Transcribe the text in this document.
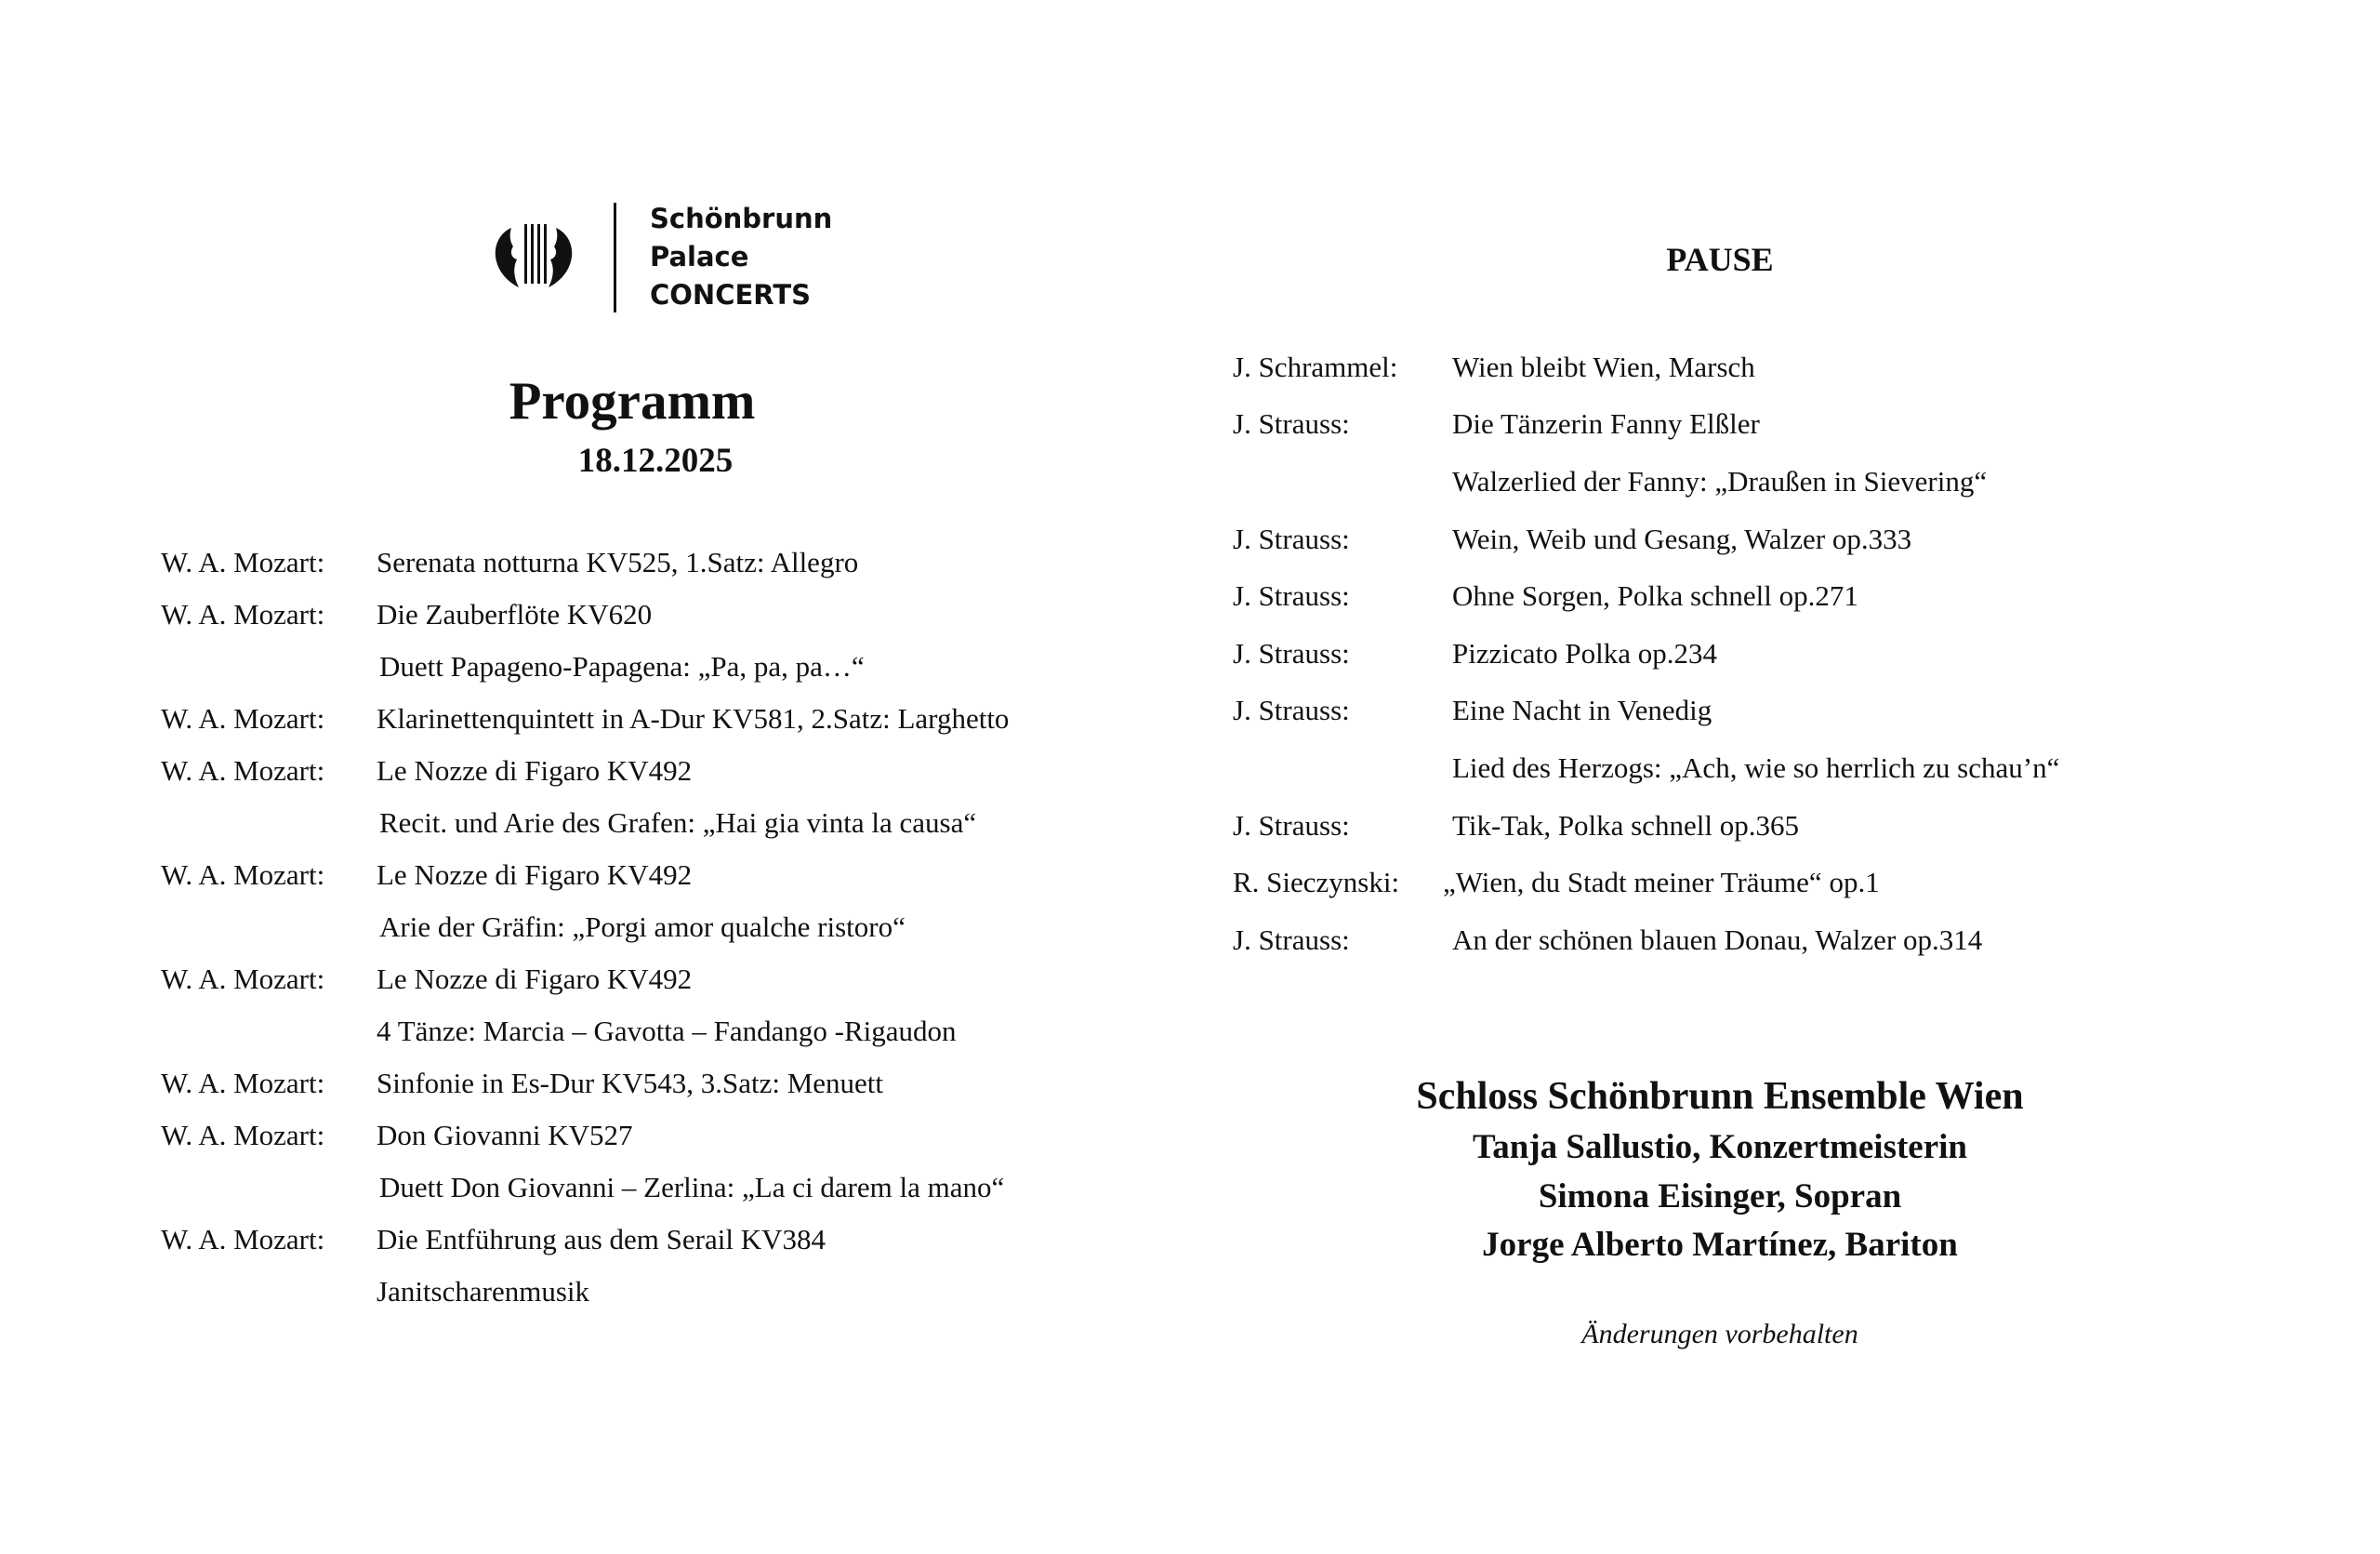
Schönbrunn
Palace
CONCERTS
Programm
18.12.2025
W. A. Mozart: Serenata notturna KV525, 1.Satz: Allegro
W. A. Mozart: Die Zauberflöte KV620
Duett Papageno-Papagena: „Pa, pa, pa…“
W. A. Mozart: Klarinettenquintett in A-Dur KV581, 2.Satz: Larghetto
W. A. Mozart: Le Nozze di Figaro KV492
Recit. und Arie des Grafen: „Hai gia vinta la causa“
W. A. Mozart: Le Nozze di Figaro KV492
Arie der Gräfin: „Porgi amor qualche ristoro“
W. A. Mozart: Le Nozze di Figaro KV492
4 Tänze: Marcia – Gavotta – Fandango -Rigaudon
W. A. Mozart: Sinfonie in Es-Dur KV543, 3.Satz: Menuett
W. A. Mozart: Don Giovanni KV527
Duett Don Giovanni – Zerlina: „La ci darem la mano“
W. A. Mozart: Die Entführung aus dem Serail KV384
Janitscharenmusik
PAUSE
J. Schrammel: Wien bleibt Wien, Marsch
J. Strauss:	Die Tänzerin Fanny Elßler
Walzerlied der Fanny: „Draußen in Sievering“
J. Strauss:	Wein, Weib und Gesang, Walzer op.333
J. Strauss:	Ohne Sorgen, Polka schnell op.271
J. Strauss:	Pizzicato Polka op.234
J. Strauss:	Eine Nacht in Venedig
Lied des Herzogs: „Ach, wie so herrlich zu schau’n“
J. Strauss:	Tik-Tak, Polka schnell op.365
R. Sieczynski: „Wien, du Stadt meiner Träume“ op.1
J. Strauss:	An der schönen blauen Donau, Walzer op.314
Schloss Schönbrunn Ensemble Wien
Tanja Sallustio, Konzertmeisterin
Simona Eisinger, Sopran
Jorge Alberto Martínez, Bariton
Änderungen vorbehalten
